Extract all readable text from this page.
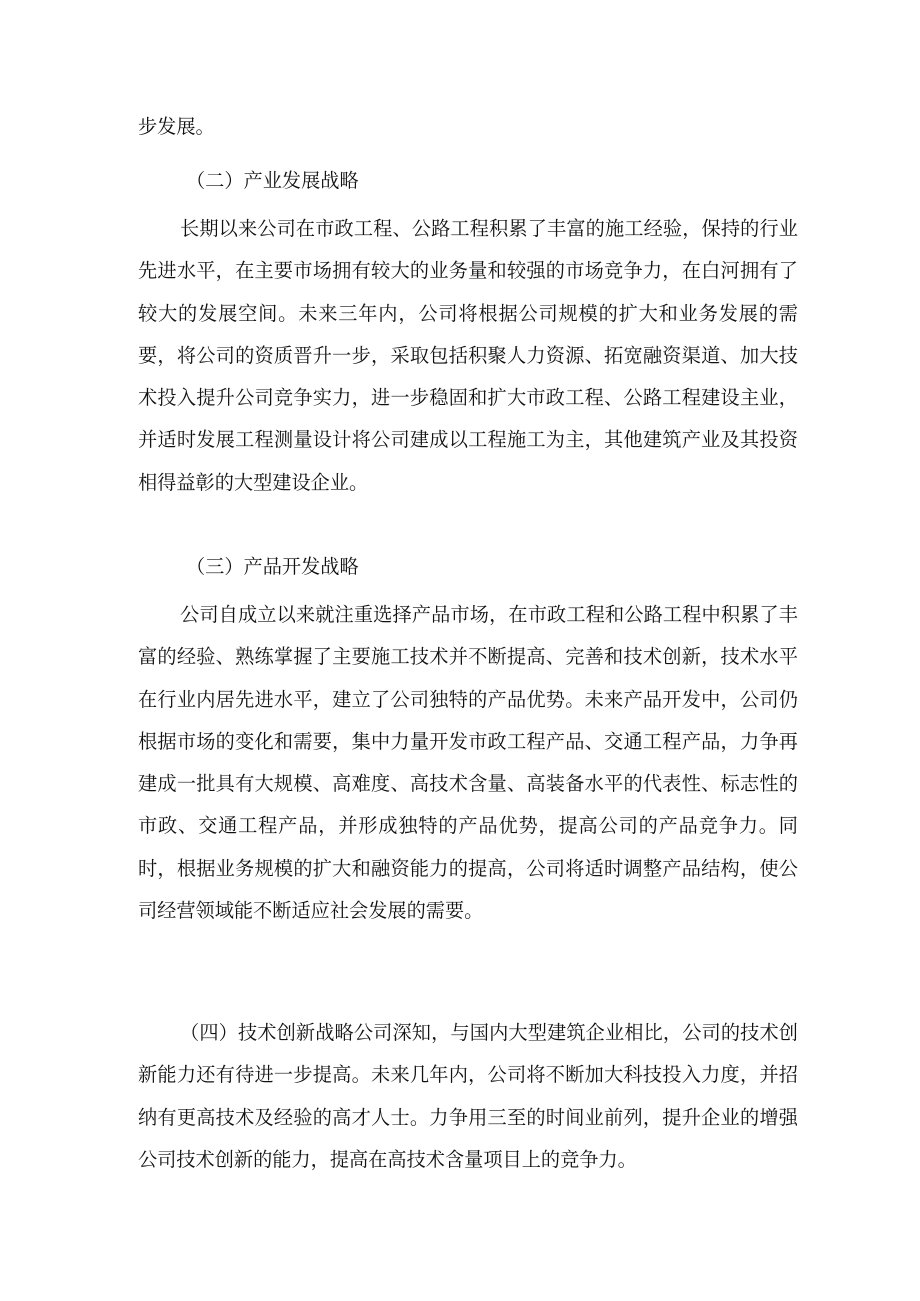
步发展。

（二）产业发展战略

长期以来公司在市政工程、公路工程积累了丰富的施工经验，保持的行业先进水平，在主要市场拥有较大的业务量和较强的市场竞争力，在白河拥有了较大的发展空间。未来三年内，公司将根据公司规模的扩大和业务发展的需要，将公司的资质晋升一步，采取包括积聚人力资源、拓宽融资渠道、加大技术投入提升公司竞争实力，进一步稳固和扩大市政工程、公路工程建设主业，并适时发展工程测量设计将公司建成以工程施工为主，其他建筑产业及其投资相得益彰的大型建设企业。

（三）产品开发战略

公司自成立以来就注重选择产品市场，在市政工程和公路工程中积累了丰富的经验、熟练掌握了主要施工技术并不断提高、完善和技术创新，技术水平在行业内居先进水平，建立了公司独特的产品优势。未来产品开发中，公司仍根据市场的变化和需要，集中力量开发市政工程产品、交通工程产品，力争再建成一批具有大规模、高难度、高技术含量、高装备水平的代表性、标志性的市政、交通工程产品，并形成独特的产品优势，提高公司的产品竞争力。同时，根据业务规模的扩大和融资能力的提高，公司将适时调整产品结构，使公司经营领域能不断适应社会发展的需要。

（四）技术创新战略公司深知，与国内大型建筑企业相比，公司的技术创新能力还有待进一步提高。未来几年内，公司将不断加大科技投入力度，并招纳有更高技术及经验的高才人士。力争用三至的时间业前列，提升企业的增强公司技术创新的能力，提高在高技术含量项目上的竞争力。
